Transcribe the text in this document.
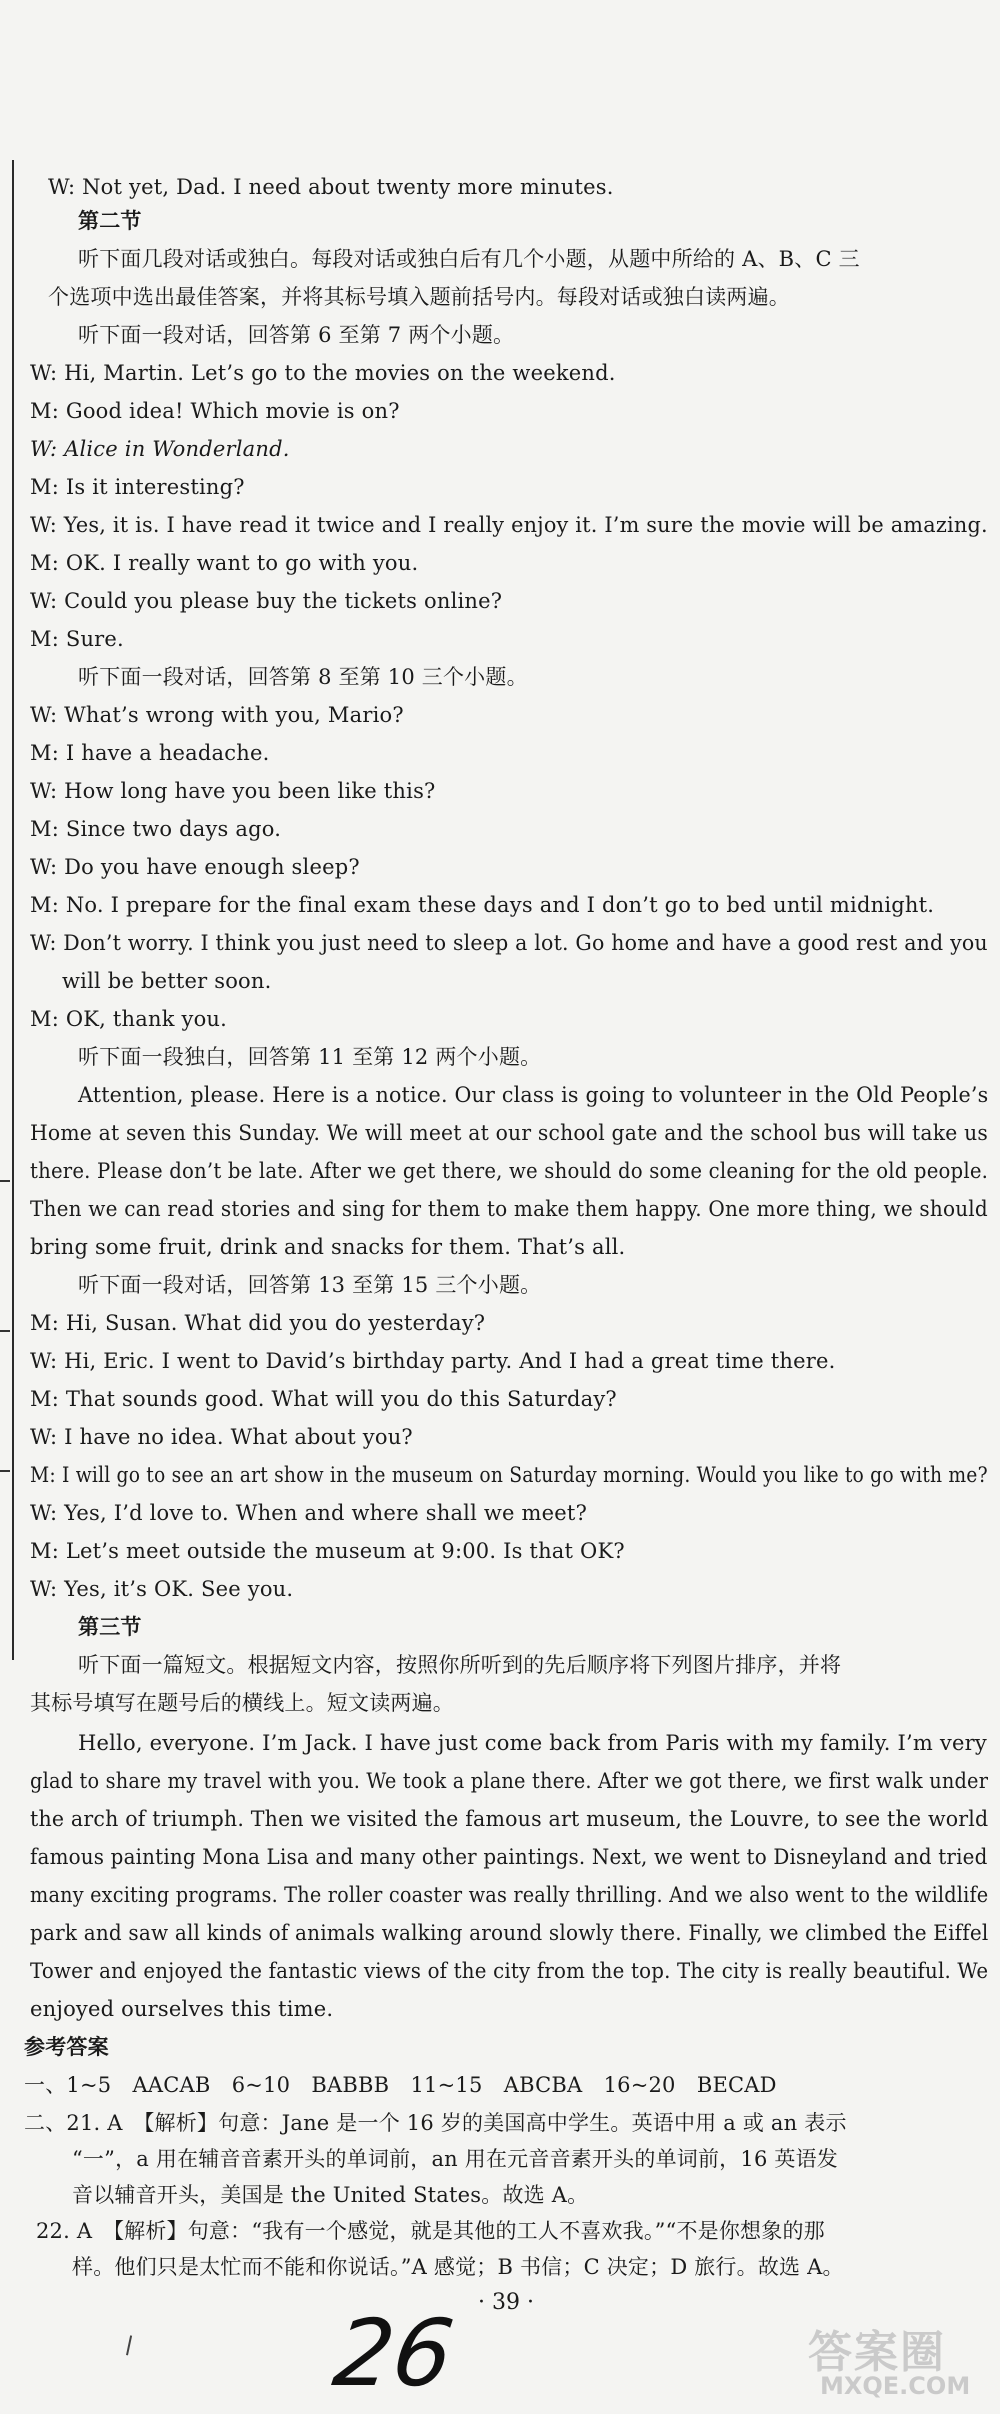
W: Not yet, Dad. I need about twenty more minutes.
第二节
听下面几段对话或独白。每段对话或独白后有几个小题，从题中所给的 A、B、C 三
个选项中选出最佳答案，并将其标号填入题前括号内。每段对话或独白读两遍。
听下面一段对话，回答第 6 至第 7 两个小题。
W: Hi, Martin. Let’s go to the movies on the weekend.
M: Good idea! Which movie is on?
W: Alice in Wonderland.
M: Is it interesting?
W: Yes, it is. I have read it twice and I really enjoy it. I’m sure the movie will be amazing.
M: OK. I really want to go with you.
W: Could you please buy the tickets online?
M: Sure.
听下面一段对话，回答第 8 至第 10 三个小题。
W: What’s wrong with you, Mario?
M: I have a headache.
W: How long have you been like this?
M: Since two days ago.
W: Do you have enough sleep?
M: No. I prepare for the final exam these days and I don’t go to bed until midnight.
W: Don’t worry. I think you just need to sleep a lot. Go home and have a good rest and you
will be better soon.
M: OK, thank you.
听下面一段独白，回答第 11 至第 12 两个小题。
Attention, please. Here is a notice. Our class is going to volunteer in the Old People’s
Home at seven this Sunday. We will meet at our school gate and the school bus will take us
there. Please don’t be late. After we get there, we should do some cleaning for the old people.
Then we can read stories and sing for them to make them happy. One more thing, we should
bring some fruit, drink and snacks for them. That’s all.
听下面一段对话，回答第 13 至第 15 三个小题。
M: Hi, Susan. What did you do yesterday?
W: Hi, Eric. I went to David’s birthday party. And I had a great time there.
M: That sounds good. What will you do this Saturday?
W: I have no idea. What about you?
M: I will go to see an art show in the museum on Saturday morning. Would you like to go with me?
W: Yes, I’d love to. When and where shall we meet?
M: Let’s meet outside the museum at 9:00. Is that OK?
W: Yes, it’s OK. See you.
第三节
听下面一篇短文。根据短文内容，按照你所听到的先后顺序将下列图片排序，并将
其标号填写在题号后的横线上。短文读两遍。
Hello, everyone. I’m Jack. I have just come back from Paris with my family. I’m very
glad to share my travel with you. We took a plane there. After we got there, we first walk under
the arch of triumph. Then we visited the famous art museum, the Louvre, to see the world
famous painting Mona Lisa and many other paintings. Next, we went to Disneyland and tried
many exciting programs. The roller coaster was really thrilling. And we also went to the wildlife
park and saw all kinds of animals walking around slowly there. Finally, we climbed the Eiffel
Tower and enjoyed the fantastic views of the city from the top. The city is really beautiful. We
enjoyed ourselves this time.
参考答案
一、1~5　AACAB　6~10　BABBB　11~15　ABCBA　16~20　BECAD
二、21. A　【解析】句意：Jane 是一个 16 岁的美国高中学生。英语中用 a 或 an 表示
“一”，a 用在辅音音素开头的单词前，an 用在元音音素开头的单词前，16 英语发
音以辅音开头，美国是 the United States。故选 A。
22. A　【解析】句意：“我有一个感觉，就是其他的工人不喜欢我。”“不是你想象的那
样。他们只是太忙而不能和你说话。”A 感觉；B 书信；C 决定；D 旅行。故选 A。
· 39 ·
26	答案圈
MXQE.COM
